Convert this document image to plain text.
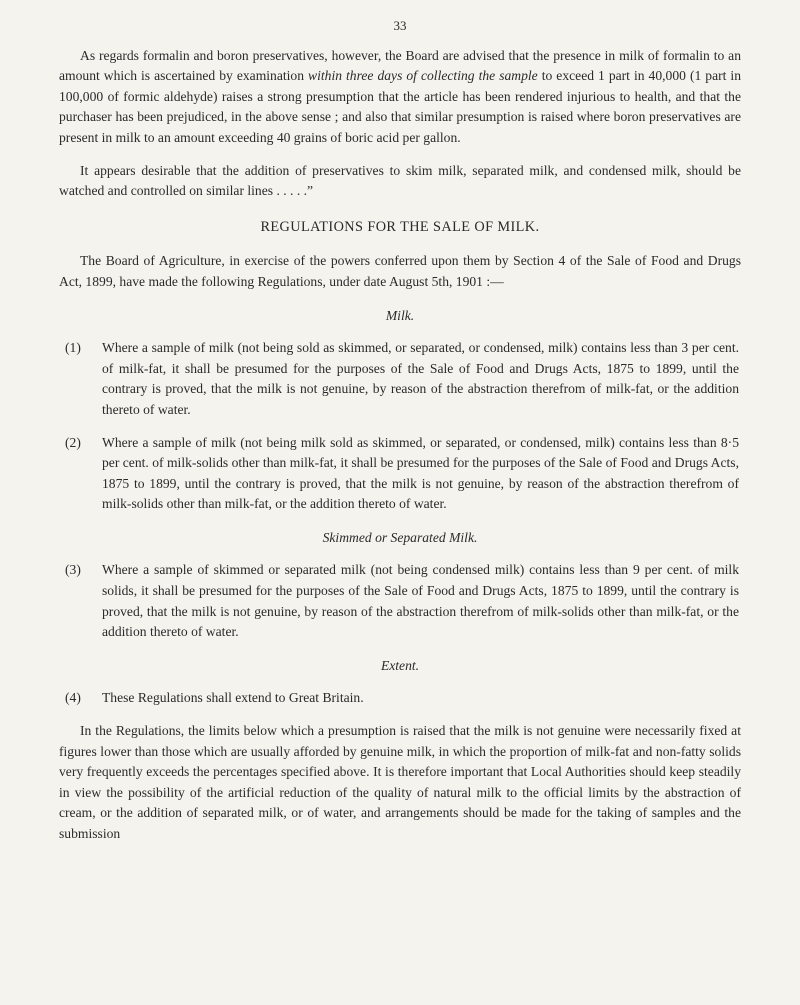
33

As regards formalin and boron preservatives, however, the Board are advised that the presence in milk of formalin to an amount which is ascertained by examination within three days of collecting the sample to exceed 1 part in 40,000 (1 part in 100,000 of formic aldehyde) raises a strong presumption that the article has been rendered injurious to health, and that the purchaser has been prejudiced, in the above sense ; and also that similar presumption is raised where boron preservatives are present in milk to an amount exceeding 40 grains of boric acid per gallon.

It appears desirable that the addition of preservatives to skim milk, separated milk, and condensed milk, should be watched and controlled on similar lines . . . . .”

REGULATIONS FOR THE SALE OF MILK.

The Board of Agriculture, in exercise of the powers conferred upon them by Section 4 of the Sale of Food and Drugs Act, 1899, have made the following Regulations, under date August 5th, 1901 :—

Milk.
(1)	Where a sample of milk (not being sold as skimmed, or separated, or condensed, milk) contains less than 3 per cent. of milk-fat, it shall be presumed for the purposes of the Sale of Food and Drugs Acts, 1875 to 1899, until the contrary is proved, that the milk is not genuine, by reason of the abstraction therefrom of milk-fat, or the addition thereto of water.
(2)	Where a sample of milk (not being milk sold as skimmed, or separated, or condensed, milk) contains less than 8·5 per cent. of milk-solids other than milk-fat, it shall be presumed for the purposes of the Sale of Food and Drugs Acts, 1875 to 1899, until the contrary is proved, that the milk is not genuine, by reason of the abstraction therefrom of milk-solids other than milk-fat, or the addition thereto of water.
Skimmed or Separated Milk.
(3)	Where a sample of skimmed or separated milk (not being condensed milk) contains less than 9 per cent. of milk solids, it shall be presumed for the purposes of the Sale of Food and Drugs Acts, 1875 to 1899, until the contrary is proved, that the milk is not genuine, by reason of the abstraction therefrom of milk-solids other than milk-fat, or the addition thereto of water.
Extent.
(4)	These Regulations shall extend to Great Britain.

In the Regulations, the limits below which a presumption is raised that the milk is not genuine were necessarily fixed at figures lower than those which are usually afforded by genuine milk, in which the proportion of milk-fat and non-fatty solids very frequently exceeds the percentages specified above. It is therefore important that Local Authorities should keep steadily in view the possibility of the artificial reduction of the quality of natural milk to the official limits by the abstraction of cream, or the addition of separated milk, or of water, and arrangements should be made for the taking of samples and the submission
